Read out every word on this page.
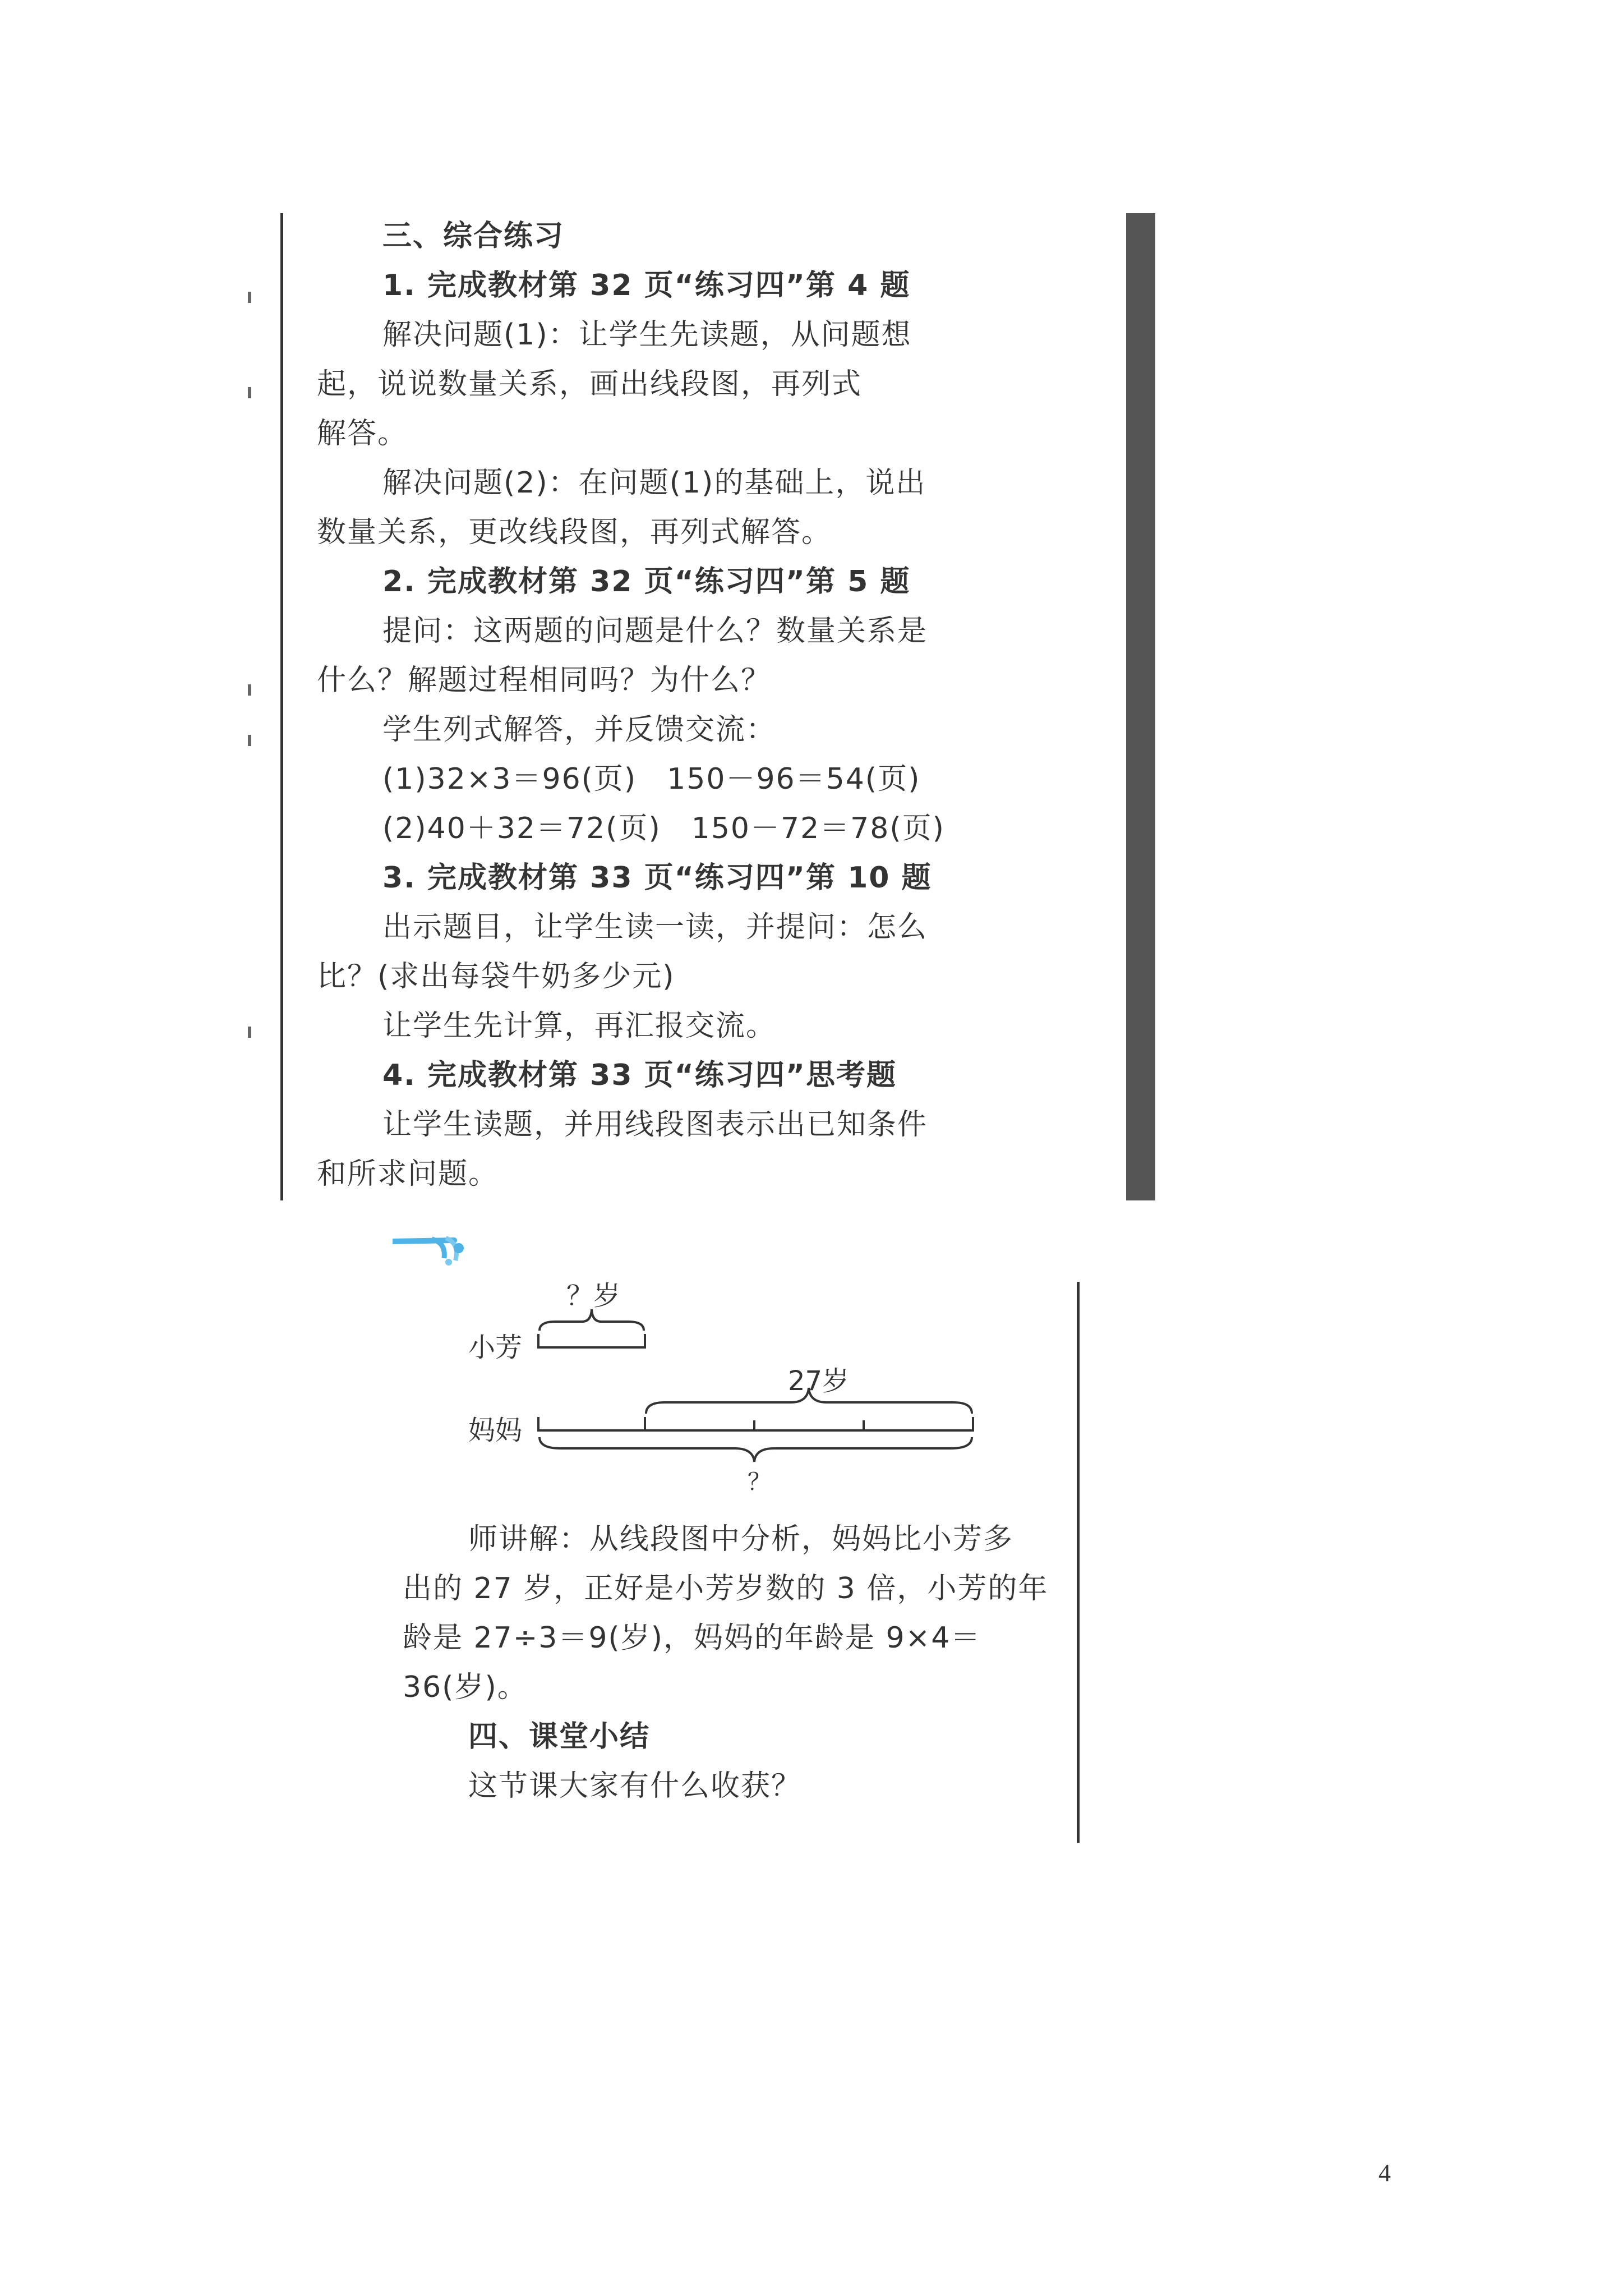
三、综合练习
1. 完成教材第 32 页“练习四”第 4 题
解决问题(1)：让学生先读题，从问题想
起，说说数量关系，画出线段图，再列式
解答。
解决问题(2)：在问题(1)的基础上，说出
数量关系，更改线段图，再列式解答。
2. 完成教材第 32 页“练习四”第 5 题
提问：这两题的问题是什么？数量关系是
什么？解题过程相同吗？为什么？
学生列式解答，并反馈交流：
(1)32×3＝96(页)　150－96＝54(页)
(2)40＋32＝72(页)　150－72＝78(页)
3. 完成教材第 33 页“练习四”第 10 题
出示题目，让学生读一读，并提问：怎么
比？(求出每袋牛奶多少元)
让学生先计算，再汇报交流。
4. 完成教材第 33 页“练习四”思考题
让学生读题，并用线段图表示出已知条件
和所求问题。
？岁
小芳
27岁
妈妈
？
师讲解：从线段图中分析，妈妈比小芳多
出的 27 岁，正好是小芳岁数的 3 倍，小芳的年
龄是 27÷3＝9(岁)，妈妈的年龄是 9×4＝
36(岁)。
四、课堂小结
这节课大家有什么收获？
4
